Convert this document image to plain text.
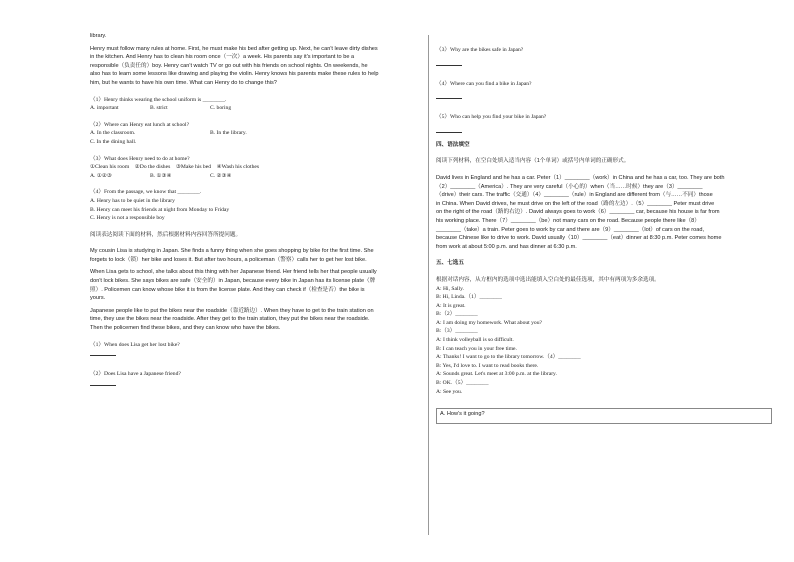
library.

Henry must follow many rules at home. First, he must make his bed after getting up. Next, he can't leave dirty dishes
in the kitchen. And Henry has to clean his room once（一次）a week. His parents say it's important to be a
responsible（负责任的）boy. Henry can't watch TV or go out with his friends on school nights. On weekends, he
also has to learn some lessons like drawing and playing the violin. Henry knows his parents make these rules to help
him, but he wants to have his own time. What can Henry do to change this?

（1）Henry thinks wearing the school uniform is ________.

A. important	B. strict	C. boring

（2）Where can Henry eat lunch at school?

A. In the classroom.	B. In the library.

C. In the dining hall.

（3）What does Henry need to do at home?

①Clean his room　②Do the dishes　③Make his bed　④Wash his clothes

A. ①②③	B. ①③④	C. ②③④

（4）From the passage, we know that ________.

A. Henry has to be quiet in the library

B. Henry can meet his friends at night from Monday to Friday

C. Henry is not a responsible boy

阅读表达阅读下面的材料，然后根据材料内容回答所提问题。

My cousin Lisa is studying in Japan. She finds a funny thing when she goes shopping by bike for the first time. She
forgets to lock（锁）her bike and loses it. But after two hours, a policeman（警察）calls her to get her lost bike.
When Lisa gets to school, she talks about this thing with her Japanese friend. Her friend tells her that people usually
don't lock bikes. She says bikes are safe（安全的）in Japan, because every bike in Japan has its license plate（牌
照）. Policemen can know whose bike it is from the license plate. And they can check if（检查是否）the bike is
yours.
Japanese people like to put the bikes near the roadside（靠近路边）. When they have to get to the train station on
time, they use the bikes near the roadside. After they get to the train station, they put the bikes near the roadside.
Then the policemen find these bikes, and they can know who have the bikes.

（1）When does Lisa get her lost bike?

（2）Does Lisa have a Japanese friend?

（3）Why are the bikes safe in Japan?

（4）Where can you find a bike in Japan?

（5）Who can help you find your bike in Japan?

四、语法填空

阅读下列材料，在空白处填入适当内容（1个单词）或括号内单词的正确形式。

David lives in England and he has a car. Peter（1）________（work）in China and he has a car, too. They are both
（2）________（America）. They are very careful（小心的）when（当……时候）they are（3）________
（drive）their cars. The traffic（交通）（4）________（rule）in England are different from（与……不同）those
in China. When David drives, he must drive on the left of the road（路的左边）.（5）________ Peter must drive
on the right of the road（路的右边）. David always goes to work（6）________ car, because his house is far from
his working place. There（7）________（be）not many cars on the road. Because people there like（8）
________（take）a train. Peter goes to work by car and there are（9）________（lot）of cars on the road,
because Chinese like to drive to work. David usually（10）________（eat）dinner at 8:30 p.m. Peter comes home
from work at about 5:00 p.m. and has dinner at 6:30 p.m.

五、七选五

根据对话内容，从方框内的选项中选出能填入空白处的最佳选项，其中有两项为多余选项。

A: Hi, Sally.
B: Hi, Linda.（1）________
A: It is great.
B:（2）________
A: I am doing my homework. What about you?
B:（3）________
A: I think volleyball is so difficult.
B: I can teach you in your free time.
A: Thanks! I want to go to the library tomorrow.（4）________
B: Yes, I'd love to. I want to read books there.
A: Sounds great. Let's meet at 3:00 p.m. at the library.
B: OK.（5）________
A: See you.
A. How's it going?
